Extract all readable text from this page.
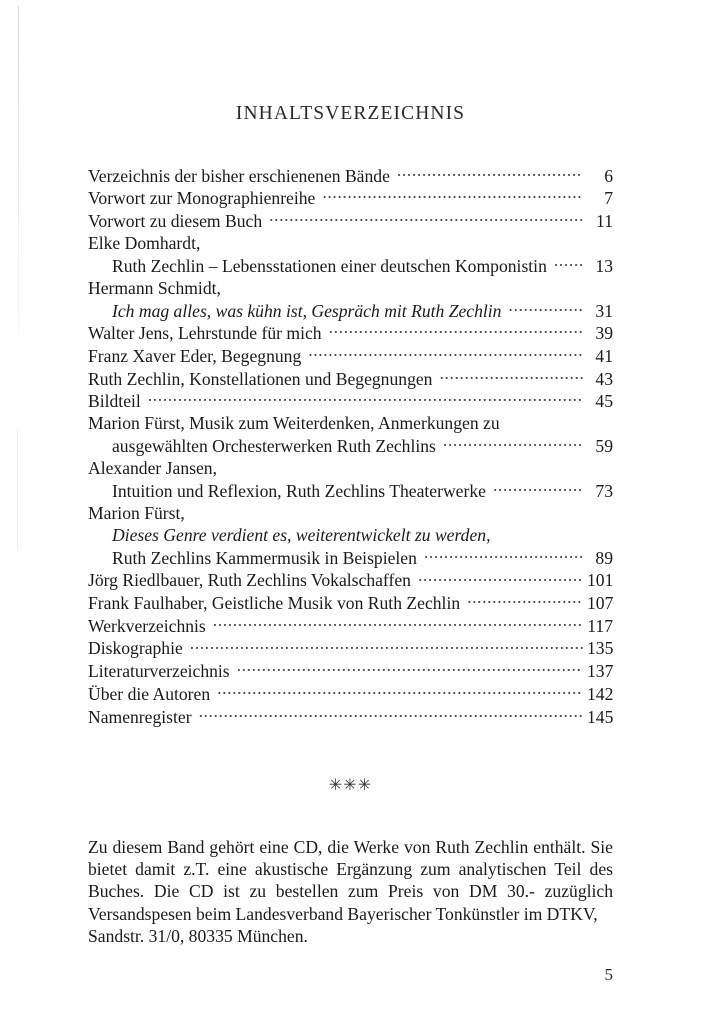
INHALTSVERZEICHNIS
Verzeichnis der bisher erschienenen Bände .....	6
Vorwort zur Monographienreihe .....	7
Vorwort zu diesem Buch .....	11
Elke Domhardt,
Ruth Zechlin – Lebensstationen einer deutschen Komponistin .....	13
Hermann Schmidt,
Ich mag alles, was kühn ist, Gespräch mit Ruth Zechlin .....	31
Walter Jens, Lehrstunde für mich .....	39
Franz Xaver Eder, Begegnung .....	41
Ruth Zechlin, Konstellationen und Begegnungen .....	43
Bildteil .....	45
Marion Fürst, Musik zum Weiterdenken, Anmerkungen zu
ausgewählten Orchesterwerken Ruth Zechlins .....	59
Alexander Jansen,
Intuition und Reflexion, Ruth Zechlins Theaterwerke .....	73
Marion Fürst,
Dieses Genre verdient es, weiterentwickelt zu werden,
Ruth Zechlins Kammermusik in Beispielen .....	89
Jörg Riedlbauer, Ruth Zechlins Vokalschaffen .....	101
Frank Faulhaber, Geistliche Musik von Ruth Zechlin .....	107
Werkverzeichnis .....	117
Diskographie .....	135
Literaturverzeichnis .....	137
Über die Autoren .....	142
Namenregister .....	145
✳✳✳

Zu diesem Band gehört eine CD, die Werke von Ruth Zechlin enthält. Sie bietet damit z.T. eine akustische Ergänzung zum analytischen Teil des Buches. Die CD ist zu bestellen zum Preis von DM 30.- zuzüglich Versandspesen beim Landesverband Bayerischer Tonkünstler im DTKV,
Sandstr. 31/0, 80335 München.

5
